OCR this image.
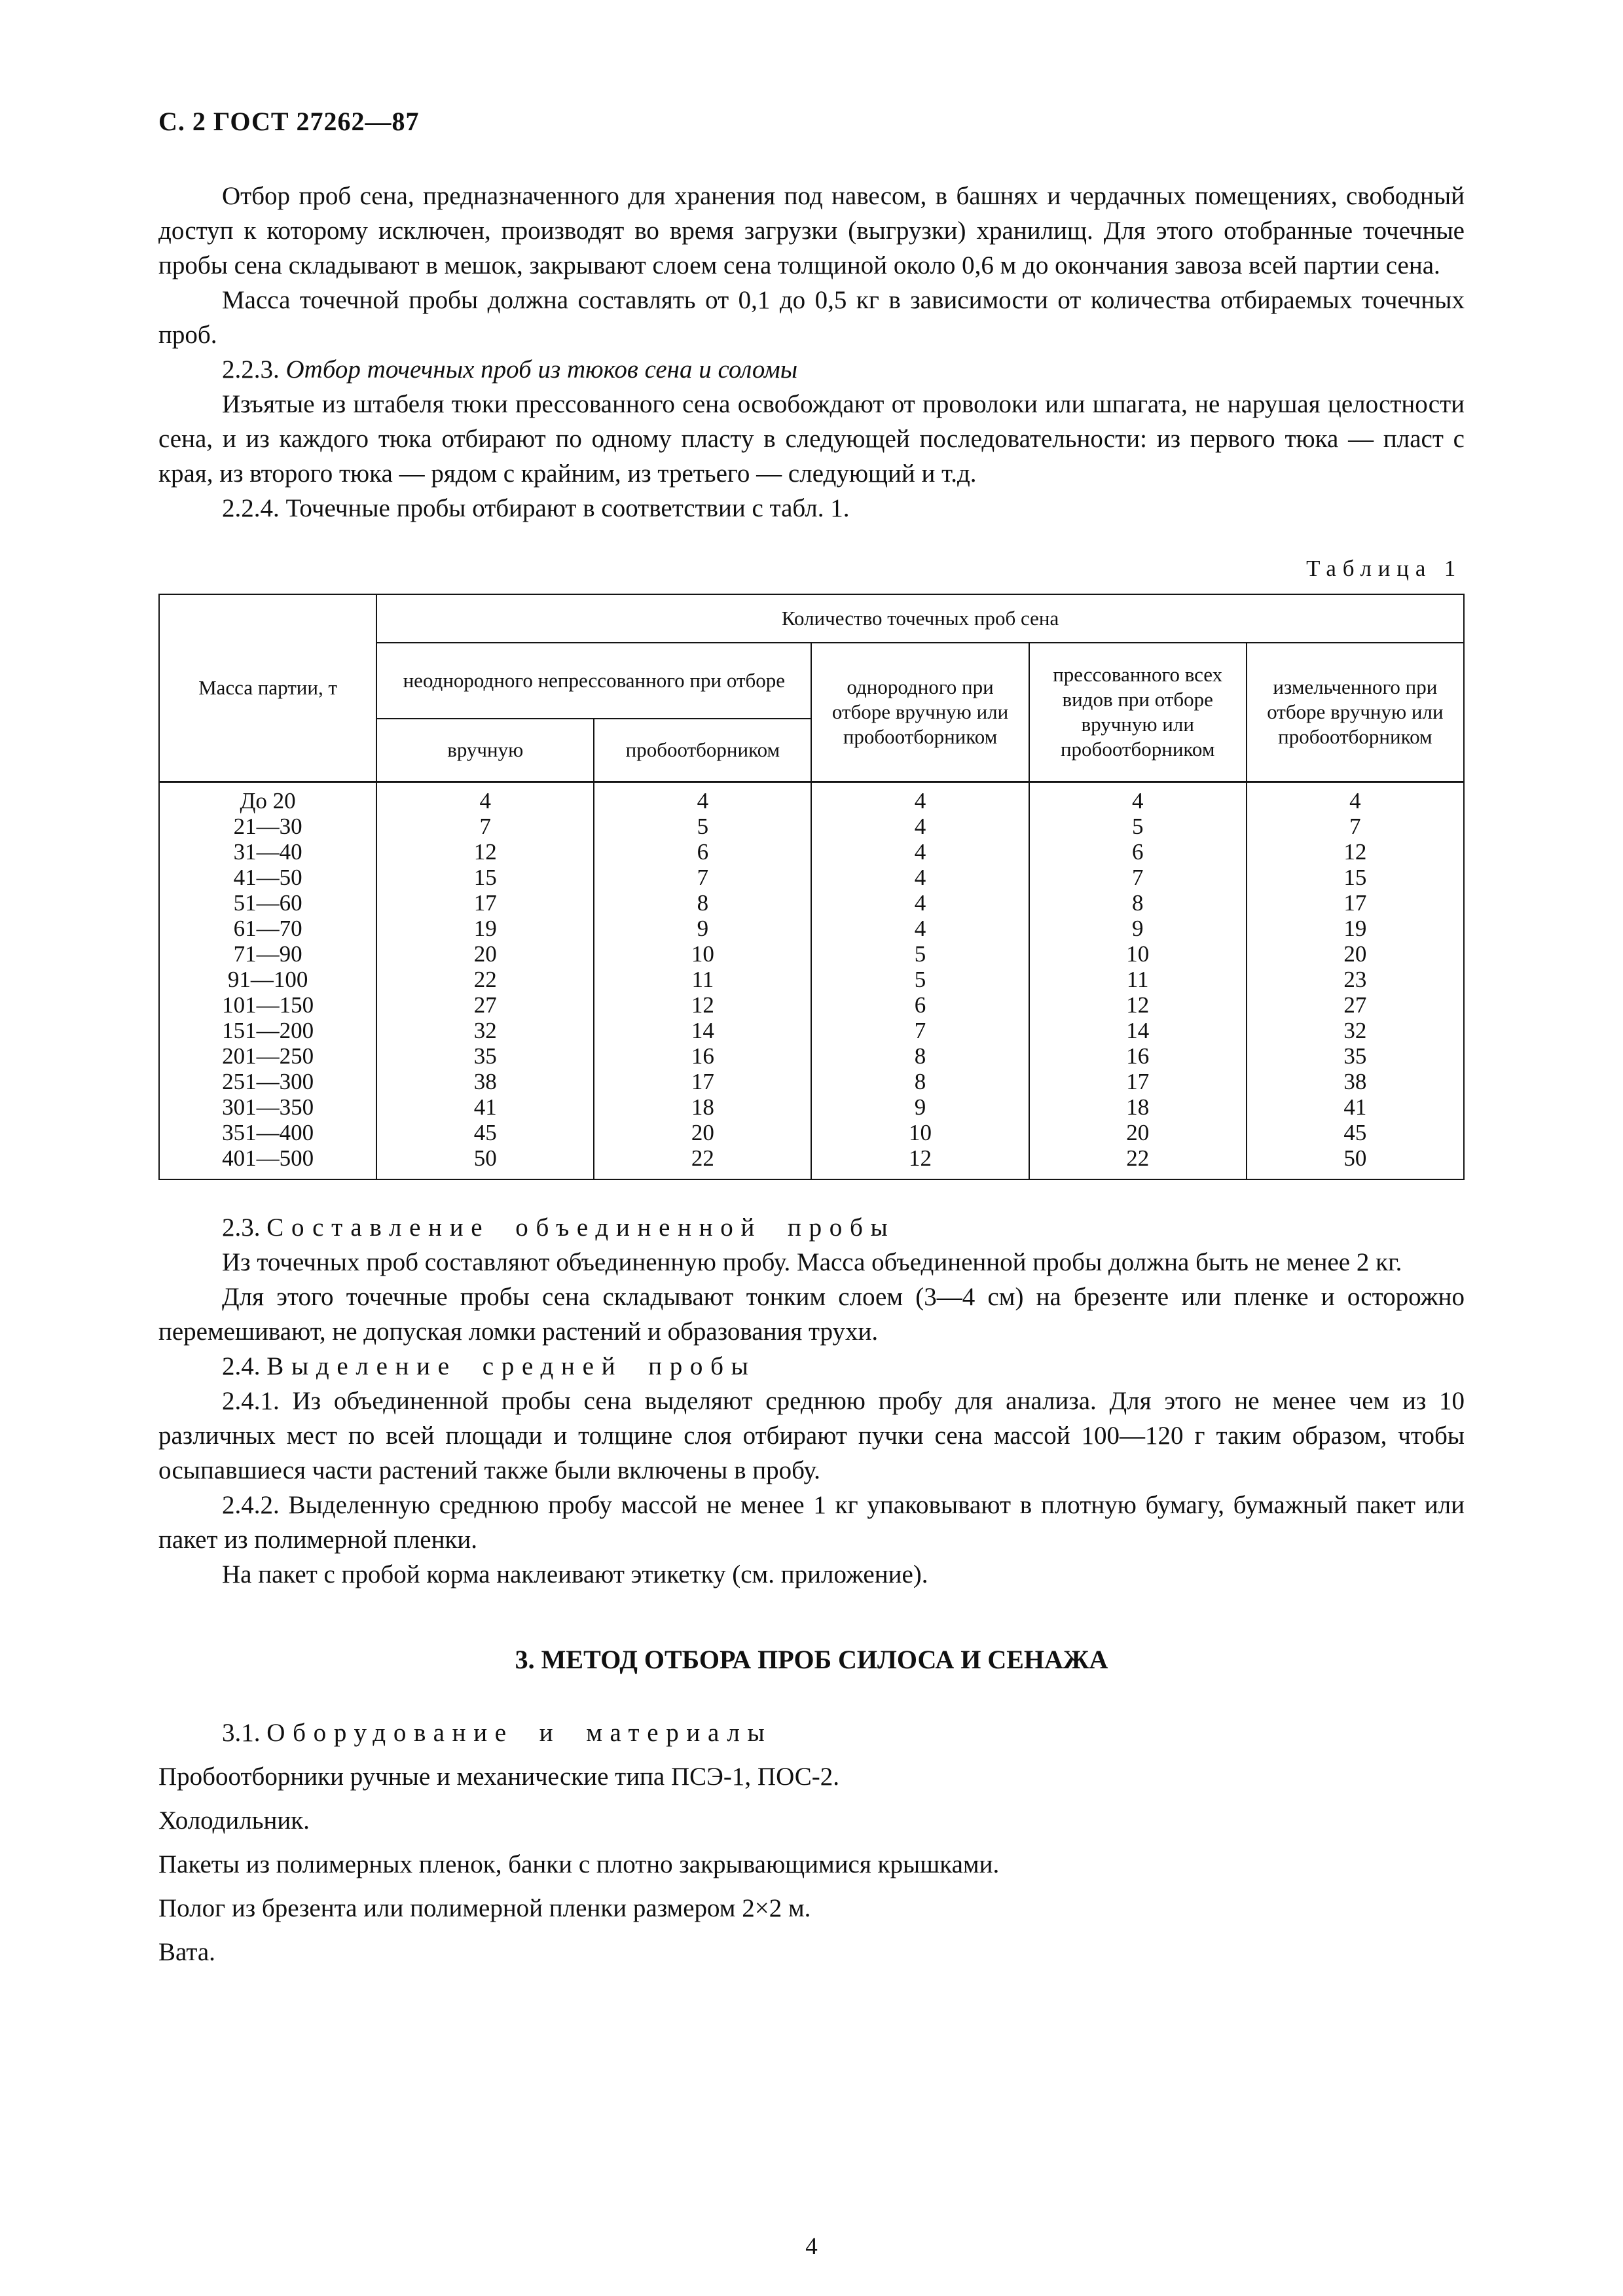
С. 2 ГОСТ 27262—87

Отбор проб сена, предназначенного для хранения под навесом, в башнях и чердачных помещениях, свободный доступ к которому исключен, производят во время загрузки (выгрузки) хранилищ. Для этого отобранные точечные пробы сена складывают в мешок, закрывают слоем сена толщиной около 0,6 м до окончания завоза всей партии сена.

Масса точечной пробы должна составлять от 0,1 до 0,5 кг в зависимости от количества отбираемых точечных проб.

2.2.3. Отбор точечных проб из тюков сена и соломы

Изъятые из штабеля тюки прессованного сена освобождают от проволоки или шпагата, не нарушая целостности сена, и из каждого тюка отбирают по одному пласту в следующей последовательности: из первого тюка — пласт с края, из второго тюка — рядом с крайним, из третьего — следующий и т.д.

2.2.4. Точечные пробы отбирают в соответствии с табл. 1.

Таблица 1
Масса партии, т	Количество точечных проб сена				
	неоднородного непрессованного при отборе		однородного при отборе вручную или пробоотборником	прессованного всех видов при отборе вручную или пробоотборником	измельченного при отборе вручную или пробоотборником
	вручную	пробоотборником			
До 20	4	4	4	4	4
21—30	7	5	4	5	7
31—40	12	6	4	6	12
41—50	15	7	4	7	15
51—60	17	8	4	8	17
61—70	19	9	4	9	19
71—90	20	10	5	10	20
91—100	22	11	5	11	23
101—150	27	12	6	12	27
151—200	32	14	7	14	32
201—250	35	16	8	16	35
251—300	38	17	8	17	38
301—350	41	18	9	18	41
351—400	45	20	10	20	45
401—500	50	22	12	22	50

2.3. Составление объединенной пробы

Из точечных проб составляют объединенную пробу. Масса объединенной пробы должна быть не менее 2 кг.

Для этого точечные пробы сена складывают тонким слоем (3—4 см) на брезенте или пленке и осторожно перемешивают, не допуская ломки растений и образования трухи.

2.4. Выделение средней пробы

2.4.1. Из объединенной пробы сена выделяют среднюю пробу для анализа. Для этого не менее чем из 10 различных мест по всей площади и толщине слоя отбирают пучки сена массой 100—120 г таким образом, чтобы осыпавшиеся части растений также были включены в пробу.

2.4.2. Выделенную среднюю пробу массой не менее 1 кг упаковывают в плотную бумагу, бумажный пакет или пакет из полимерной пленки.

На пакет с пробой корма наклеивают этикетку (см. приложение).

3. МЕТОД ОТБОРА ПРОБ СИЛОСА И СЕНАЖА

3.1. Оборудование и материалы

Пробоотборники ручные и механические типа ПСЭ-1, ПОС-2.

Холодильник.

Пакеты из полимерных пленок, банки с плотно закрывающимися крышками.

Полог из брезента или полимерной пленки размером 2×2 м.

Вата.

4
